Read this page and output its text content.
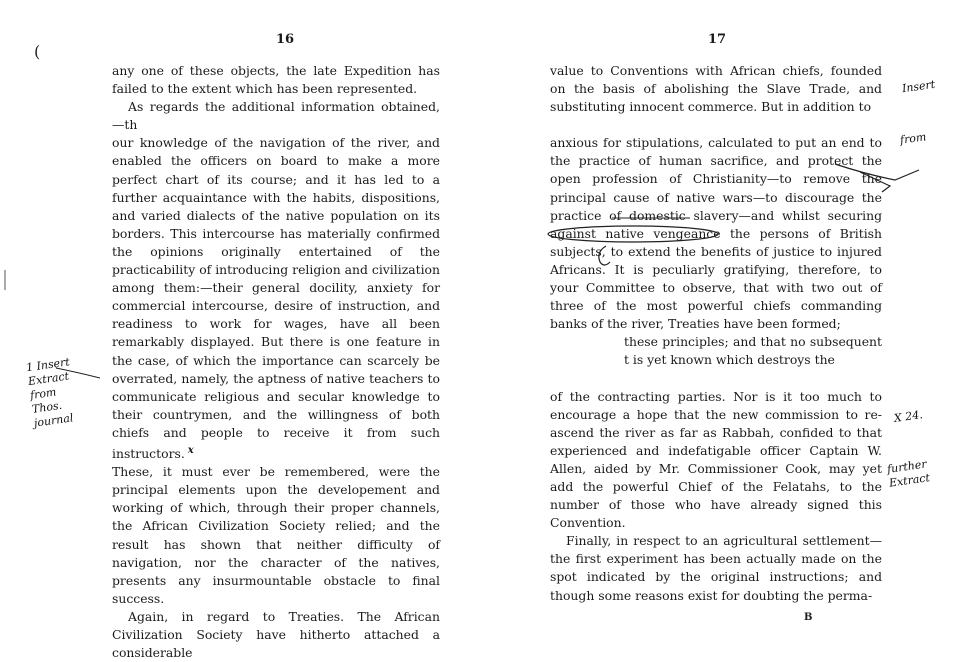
16

any one of these objects, the late Expedition has failed to the extent which has been represented.

As regards the additional information obtained, —th

our knowledge of the navigation of the river, and enabled the officers on board to make a more perfect chart of its course; and it has led to a further acquaintance with the habits, dispositions, and varied dialects of the native population on its borders. This intercourse has materially confirmed the opinions originally entertained of the practicability of introducing religion and civilization among them:—their general docility, anxiety for commercial intercourse, desire of instruction, and readiness to work for wages, have all been remarkably displayed. But there is one feature in the case, of which the importance can scarcely be overrated, namely, the aptness of native teachers to communicate religious and secular knowledge to their countrymen, and the willingness of both chiefs and people to receive it from such instructors. $^x$

These, it must ever be remembered, were the principal elements upon the developement and working of which, through their proper channels, the African Civilization Society relied; and the result has shown that neither difficulty of navigation, nor the character of the natives, presents any insurmountable obstacle to final success.

Again, in regard to Treaties. The African Civilization Society have hitherto attached a considerable

(
1 Insert
Extract
from
Thos.
journal
17

value to Conventions with African chiefs, founded on the basis of abolishing the Slave Trade, and substituting innocent commerce. But in addition to

anxious for stipulations, calculated to put an end to the practice of human sacrifice, and protect the open profession of Christianity—to remove the principal cause of native wars—to discourage the practice of domestic slavery—and whilst securing against native vengeance the persons of British subjects, to extend the benefits of justice to injured Africans. It is peculiarly gratifying, therefore, to your Committee to observe, that with two out of three of the most powerful chiefs commanding banks of the river, Treaties have been formed;

these principles; and that no subsequent t is yet known which destroys the

of the contracting parties. Nor is it too much to encourage a hope that the new commission to re-ascend the river as far as Rabbah, confided to that experienced and indefatigable officer Captain W. Allen, aided by Mr. Commissioner Cook, may yet add the powerful Chief of the Felatahs, to the number of those who have already signed this Convention.

Finally, in respect to an agricultural settlement—the first experiment has been actually made on the spot indicated by the original instructions; and though some reasons exist for doubting the perma-

B
Insert
from
X 24.
further
Extract
